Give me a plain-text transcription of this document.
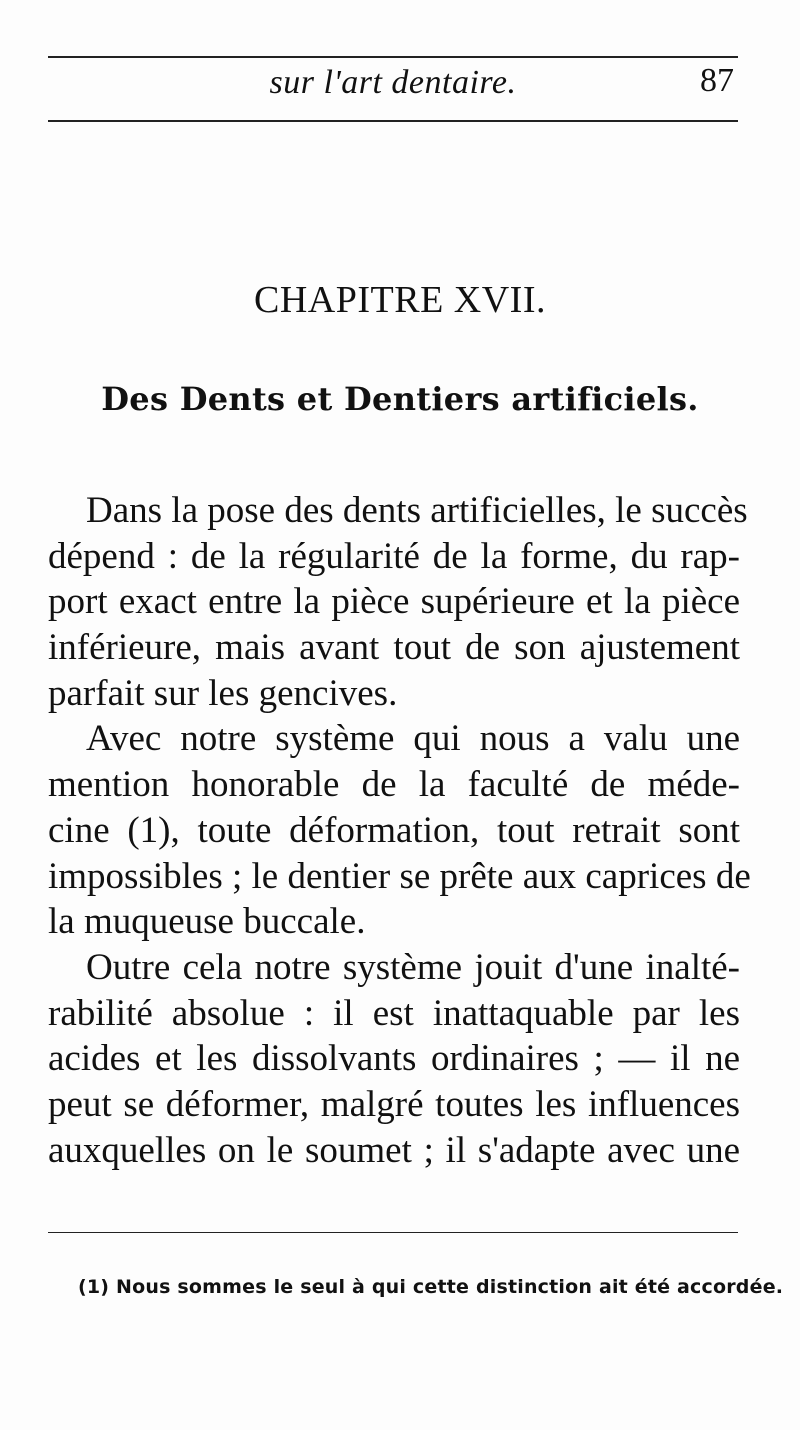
sur l'art dentaire.	87
CHAPITRE XVII.
Des Dents et Dentiers artificiels.
Dans la pose des dents artificielles, le succès
dépend : de la régularité de la forme, du rap-
port exact entre la pièce supérieure et la pièce
inférieure, mais avant tout de son ajustement
parfait sur les gencives.
Avec notre système qui nous a valu une
mention honorable de la faculté de méde-
cine (1), toute déformation, tout retrait sont
impossibles ; le dentier se prête aux caprices de
la muqueuse buccale.
Outre cela notre système jouit d'une inalté-
rabilité absolue : il est inattaquable par les
acides et les dissolvants ordinaires ; — il ne
peut se déformer, malgré toutes les influences
auxquelles on le soumet ; il s'adapte avec une
(1) Nous sommes le seul à qui cette distinction ait été accordée.
